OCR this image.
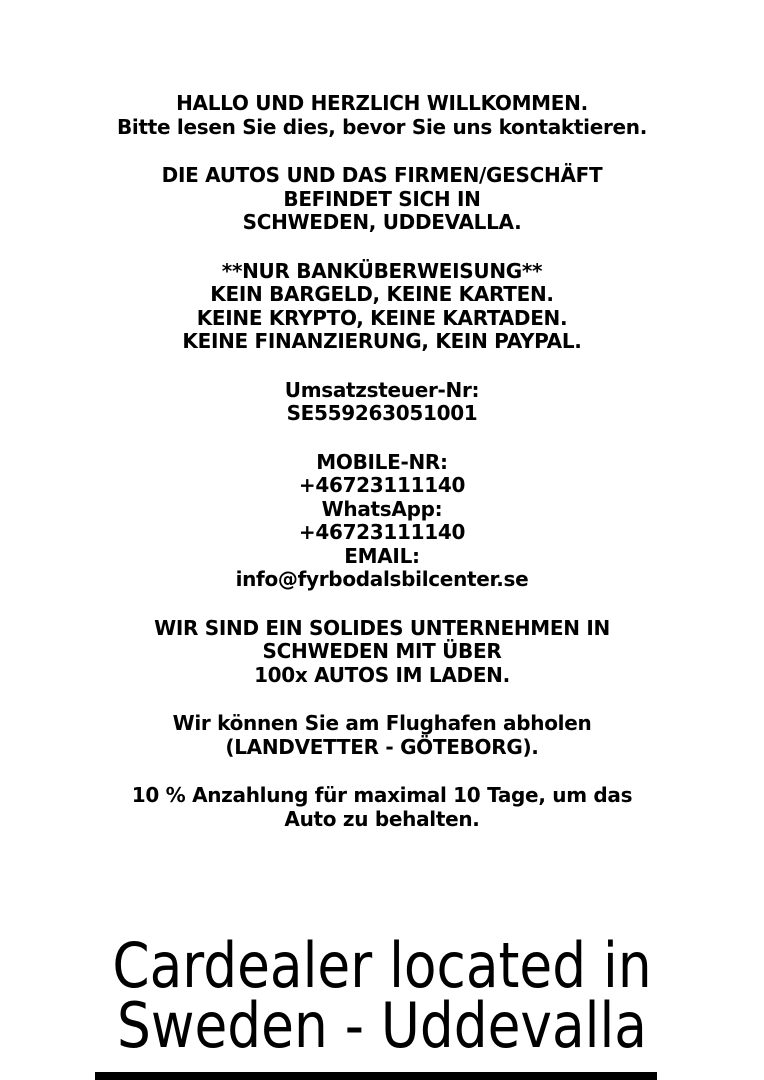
HALLO UND HERZLICH WILLKOMMEN.
Bitte lesen Sie dies, bevor Sie uns kontaktieren.
DIE AUTOS UND DAS FIRMEN/GESCHÄFT
BEFINDET SICH IN
SCHWEDEN, UDDEVALLA.
**NUR BANKÜBERWEISUNG**
KEIN BARGELD, KEINE KARTEN.
KEINE KRYPTO, KEINE KARTADEN.
KEINE FINANZIERUNG, KEIN PAYPAL.
Umsatzsteuer-Nr:
SE559263051001
MOBILE-NR:
+46723111140
WhatsApp:
+46723111140
EMAIL:
info@fyrbodalsbilcenter.se
WIR SIND EIN SOLIDES UNTERNEHMEN IN
SCHWEDEN MIT ÜBER
100x AUTOS IM LADEN.
Wir können Sie am Flughafen abholen
(LANDVETTER - GÖTEBORG).
10 % Anzahlung für maximal 10 Tage, um das
Auto zu behalten.
Cardealer located in
Sweden - Uddevalla
